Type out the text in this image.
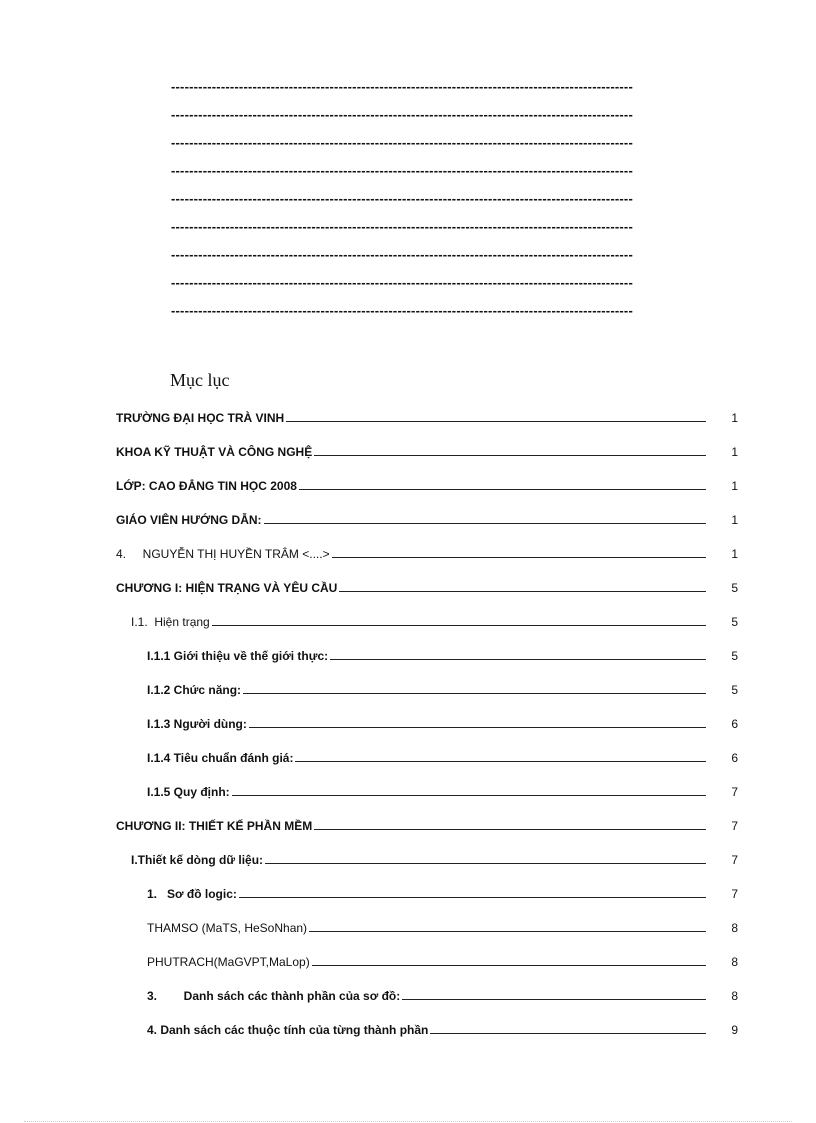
------------------------------------------------------------------------------------------------------
------------------------------------------------------------------------------------------------------
------------------------------------------------------------------------------------------------------
------------------------------------------------------------------------------------------------------
------------------------------------------------------------------------------------------------------
------------------------------------------------------------------------------------------------------
------------------------------------------------------------------------------------------------------
------------------------------------------------------------------------------------------------------
------------------------------------------------------------------------------------------------------
Mục lục
TRƯỜNG ĐẠI HỌC TRÀ VINH	1
KHOA KỸ THUẬT VÀ CÔNG NGHỆ	1
LỚP: CAO ĐẲNG TIN HỌC 2008	1
GIÁO VIÊN HƯỚNG DẪN:	1
4.     NGUYỄN THỊ HUYỀN TRÂM <....>	1
CHƯƠNG I: HIỆN TRẠNG VÀ YÊU CẦU	5
I.1.  Hiện trạng	5
I.1.1 Giới thiệu về thế giới thực:	5
I.1.2 Chức năng:	5
I.1.3 Người dùng:	6
I.1.4 Tiêu chuẩn đánh giá:	6
I.1.5 Quy định:	7
CHƯƠNG II: THIẾT KẾ PHẦN MỀM	7
I.Thiết kế dòng dữ liệu:	7
1.   Sơ đồ logic:	7
THAMSO (MaTS, HeSoNhan)	8
PHUTRACH(MaGVPT,MaLop)	8
3.        Danh sách các thành phần của sơ đồ:	8
4. Danh sách các thuộc tính của từng thành phần	9
